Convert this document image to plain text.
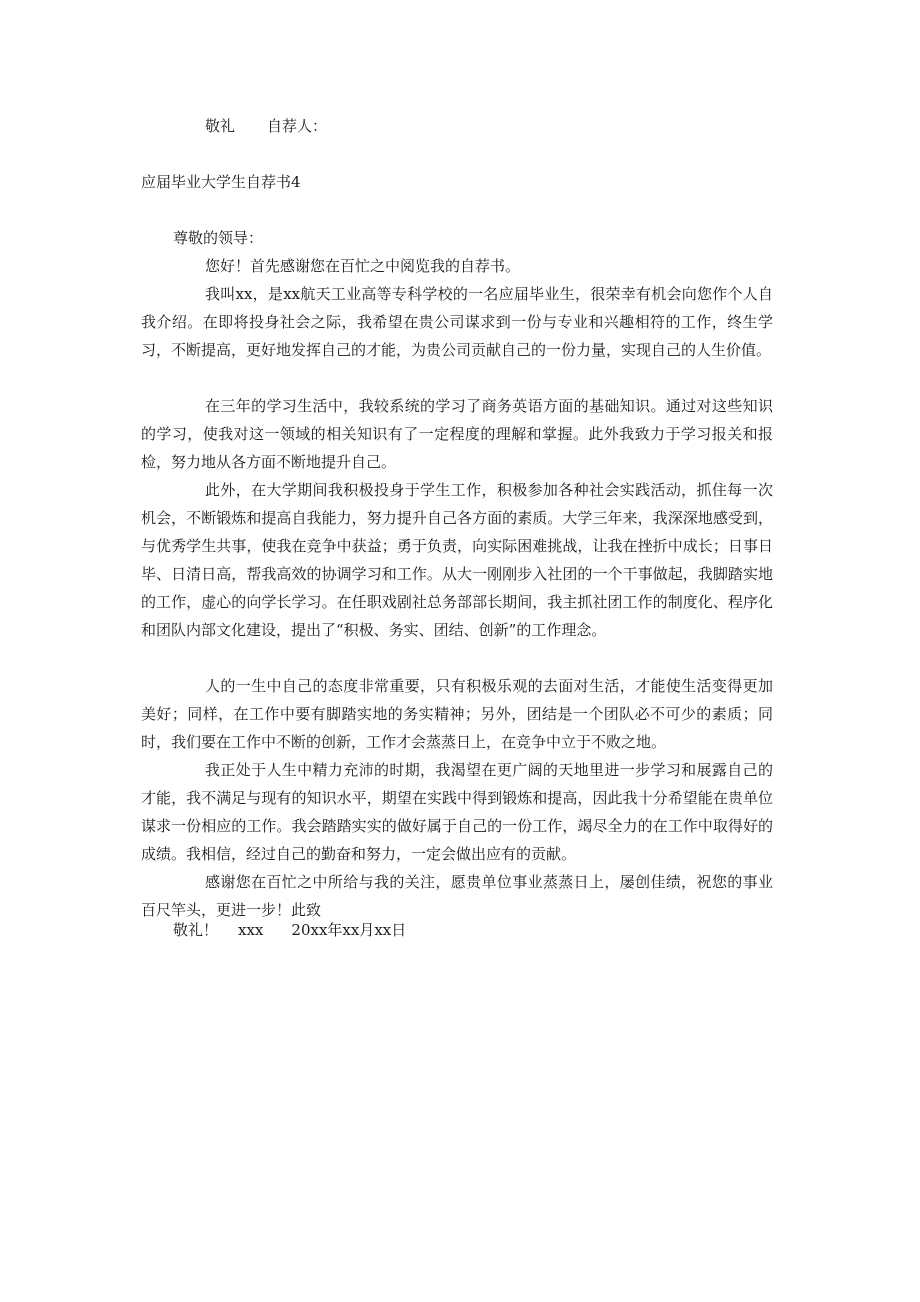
敬礼 自荐人：
应届毕业大学生自荐书4
尊敬的领导：
您好！首先感谢您在百忙之中阅览我的自荐书。
我叫xx，是xx航天工业高等专科学校的一名应届毕业生，很荣幸有机会向您作个人自我介绍。在即将投身社会之际，我希望在贵公司谋求到一份与专业和兴趣相符的工作，终生学习，不断提高，更好地发挥自己的才能，为贵公司贡献自己的一份力量，实现自己的人生价值。
在三年的学习生活中，我较系统的学习了商务英语方面的基础知识。通过对这些知识的学习，使我对这一领域的相关知识有了一定程度的理解和掌握。此外我致力于学习报关和报检，努力地从各方面不断地提升自己。
此外，在大学期间我积极投身于学生工作，积极参加各种社会实践活动，抓住每一次机会，不断锻炼和提高自我能力，努力提升自己各方面的素质。大学三年来，我深深地感受到，与优秀学生共事，使我在竞争中获益；勇于负责，向实际困难挑战，让我在挫折中成长；日事日毕、日清日高，帮我高效的协调学习和工作。从大一刚刚步入社团的一个干事做起，我脚踏实地的工作，虚心的向学长学习。在任职戏剧社总务部部长期间，我主抓社团工作的制度化、程序化和团队内部文化建设，提出了“积极、务实、团结、创新”的工作理念。
人的一生中自己的态度非常重要，只有积极乐观的去面对生活，才能使生活变得更加美好；同样，在工作中要有脚踏实地的务实精神；另外，团结是一个团队必不可少的素质；同时，我们要在工作中不断的创新，工作才会蒸蒸日上，在竞争中立于不败之地。
我正处于人生中精力充沛的时期，我渴望在更广阔的天地里进一步学习和展露自己的才能，我不满足与现有的知识水平，期望在实践中得到锻炼和提高，因此我十分希望能在贵单位谋求一份相应的工作。我会踏踏实实的做好属于自己的一份工作，竭尽全力的在工作中取得好的成绩。我相信，经过自己的勤奋和努力，一定会做出应有的贡献。
感谢您在百忙之中所给与我的关注，愿贵单位事业蒸蒸日上，屡创佳绩，祝您的事业百尺竿头，更进一步！此致
敬礼！ xxx 20xx年xx月xx日
